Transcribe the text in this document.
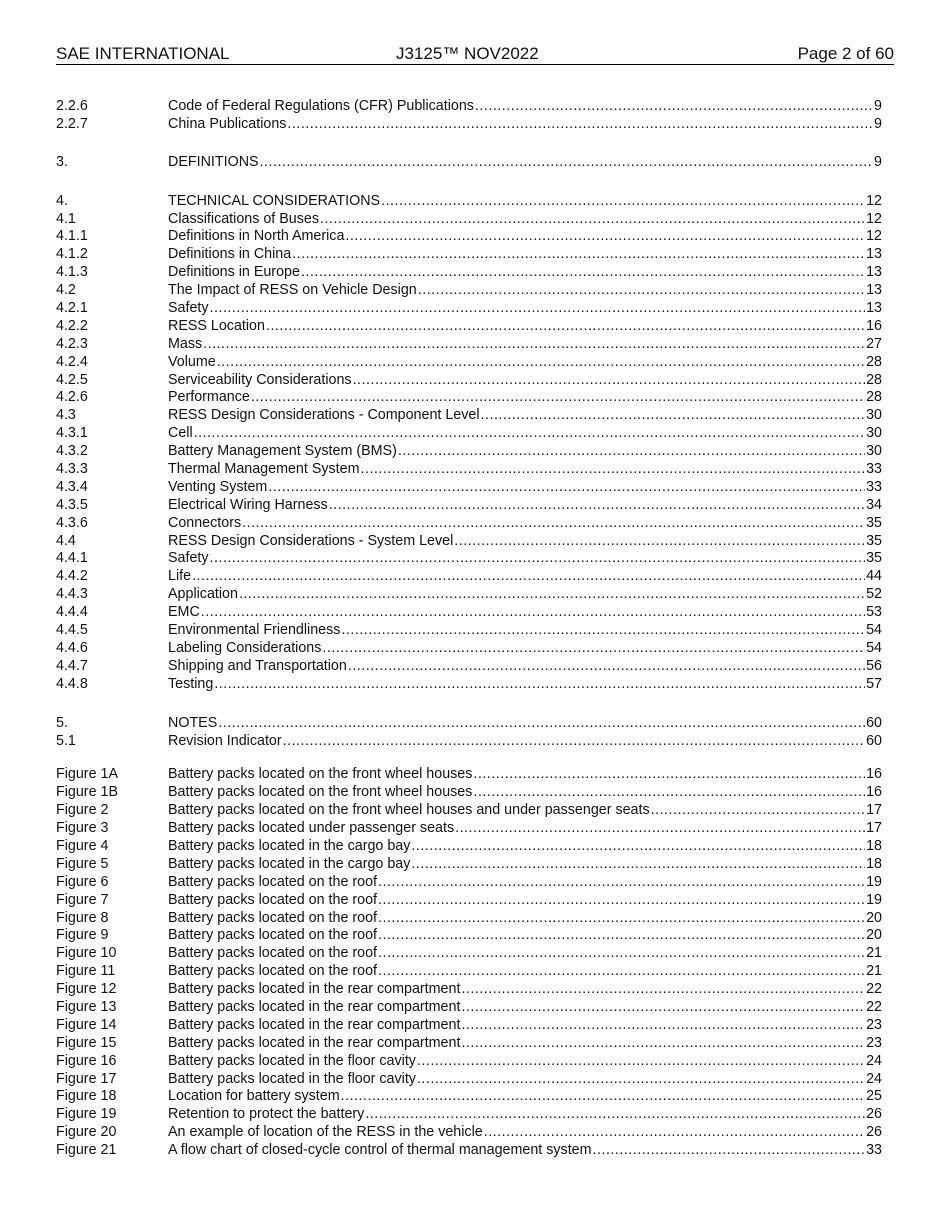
SAE INTERNATIONAL	J3125™ NOV2022	Page 2 of 60
2.2.6	Code of Federal Regulations (CFR) Publications .....	9
2.2.7	China Publications .....	9
3.	DEFINITIONS .....	9
4.	TECHNICAL CONSIDERATIONS .....	12
4.1	Classifications of Buses .....	12
4.1.1	Definitions in North America .....	12
4.1.2	Definitions in China .....	13
4.1.3	Definitions in Europe .....	13
4.2	The Impact of RESS on Vehicle Design .....	13
4.2.1	Safety .....	13
4.2.2	RESS Location .....	16
4.2.3	Mass .....	27
4.2.4	Volume .....	28
4.2.5	Serviceability Considerations .....	28
4.2.6	Performance .....	28
4.3	RESS Design Considerations - Component Level .....	30
4.3.1	Cell .....	30
4.3.2	Battery Management System (BMS) .....	30
4.3.3	Thermal Management System .....	33
4.3.4	Venting System .....	33
4.3.5	Electrical Wiring Harness .....	34
4.3.6	Connectors .....	35
4.4	RESS Design Considerations - System Level .....	35
4.4.1	Safety .....	35
4.4.2	Life .....	44
4.4.3	Application .....	52
4.4.4	EMC .....	53
4.4.5	Environmental Friendliness .....	54
4.4.6	Labeling Considerations .....	54
4.4.7	Shipping and Transportation .....	56
4.4.8	Testing .....	57
5.	NOTES .....	60
5.1	Revision Indicator .....	60
Figure 1A	Battery packs located on the front wheel houses .....	16
Figure 1B	Battery packs located on the front wheel houses .....	16
Figure 2	Battery packs located on the front wheel houses and under passenger seats .....	17
Figure 3	Battery packs located under passenger seats .....	17
Figure 4	Battery packs located in the cargo bay .....	18
Figure 5	Battery packs located in the cargo bay .....	18
Figure 6	Battery packs located on the roof .....	19
Figure 7	Battery packs located on the roof .....	19
Figure 8	Battery packs located on the roof .....	20
Figure 9	Battery packs located on the roof .....	20
Figure 10	Battery packs located on the roof .....	21
Figure 11	Battery packs located on the roof .....	21
Figure 12	Battery packs located in the rear compartment .....	22
Figure 13	Battery packs located in the rear compartment .....	22
Figure 14	Battery packs located in the rear compartment .....	23
Figure 15	Battery packs located in the rear compartment .....	23
Figure 16	Battery packs located in the floor cavity .....	24
Figure 17	Battery packs located in the floor cavity .....	24
Figure 18	Location for battery system .....	25
Figure 19	Retention to protect the battery .....	26
Figure 20	An example of location of the RESS in the vehicle .....	26
Figure 21	A flow chart of closed-cycle control of thermal management system .....	33
